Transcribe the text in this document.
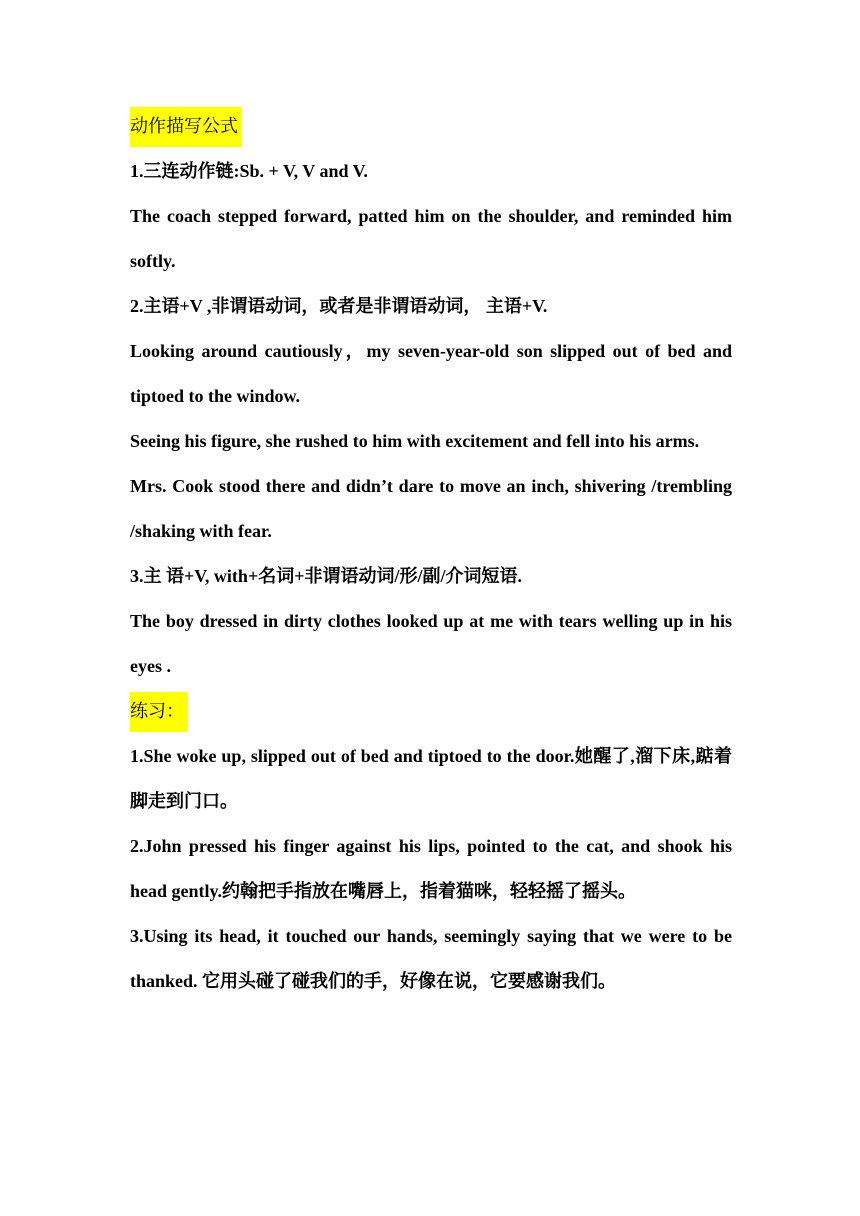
动作描写公式

1.三连动作链:Sb. + V, V and V.

The coach stepped forward, patted him on the shoulder, and reminded him softly.

2.主语+V ,非谓语动词，或者是非谓语动词， 主语+V.

Looking around cautiously，my seven-year-old son slipped out of bed and tiptoed to the window.

Seeing his figure, she rushed to him with excitement and fell into his arms.

Mrs. Cook stood there and didn’t dare to move an inch, shivering /trembling /shaking with fear.

3.主 语+V, with+名词+非谓语动词/形/副/介词短语.

The boy dressed in dirty clothes looked up at me with tears welling up in his eyes .

练习：

1.She woke up, slipped out of bed and tiptoed to the door.她醒了,溜下床,踮着脚走到门口。

2.John pressed his finger against his lips, pointed to the cat, and shook his head gently.约翰把手指放在嘴唇上，指着猫咪，轻轻摇了摇头。

3.Using its head, it touched our hands, seemingly saying that we were to be thanked. 它用头碰了碰我们的手，好像在说，它要感谢我们。
